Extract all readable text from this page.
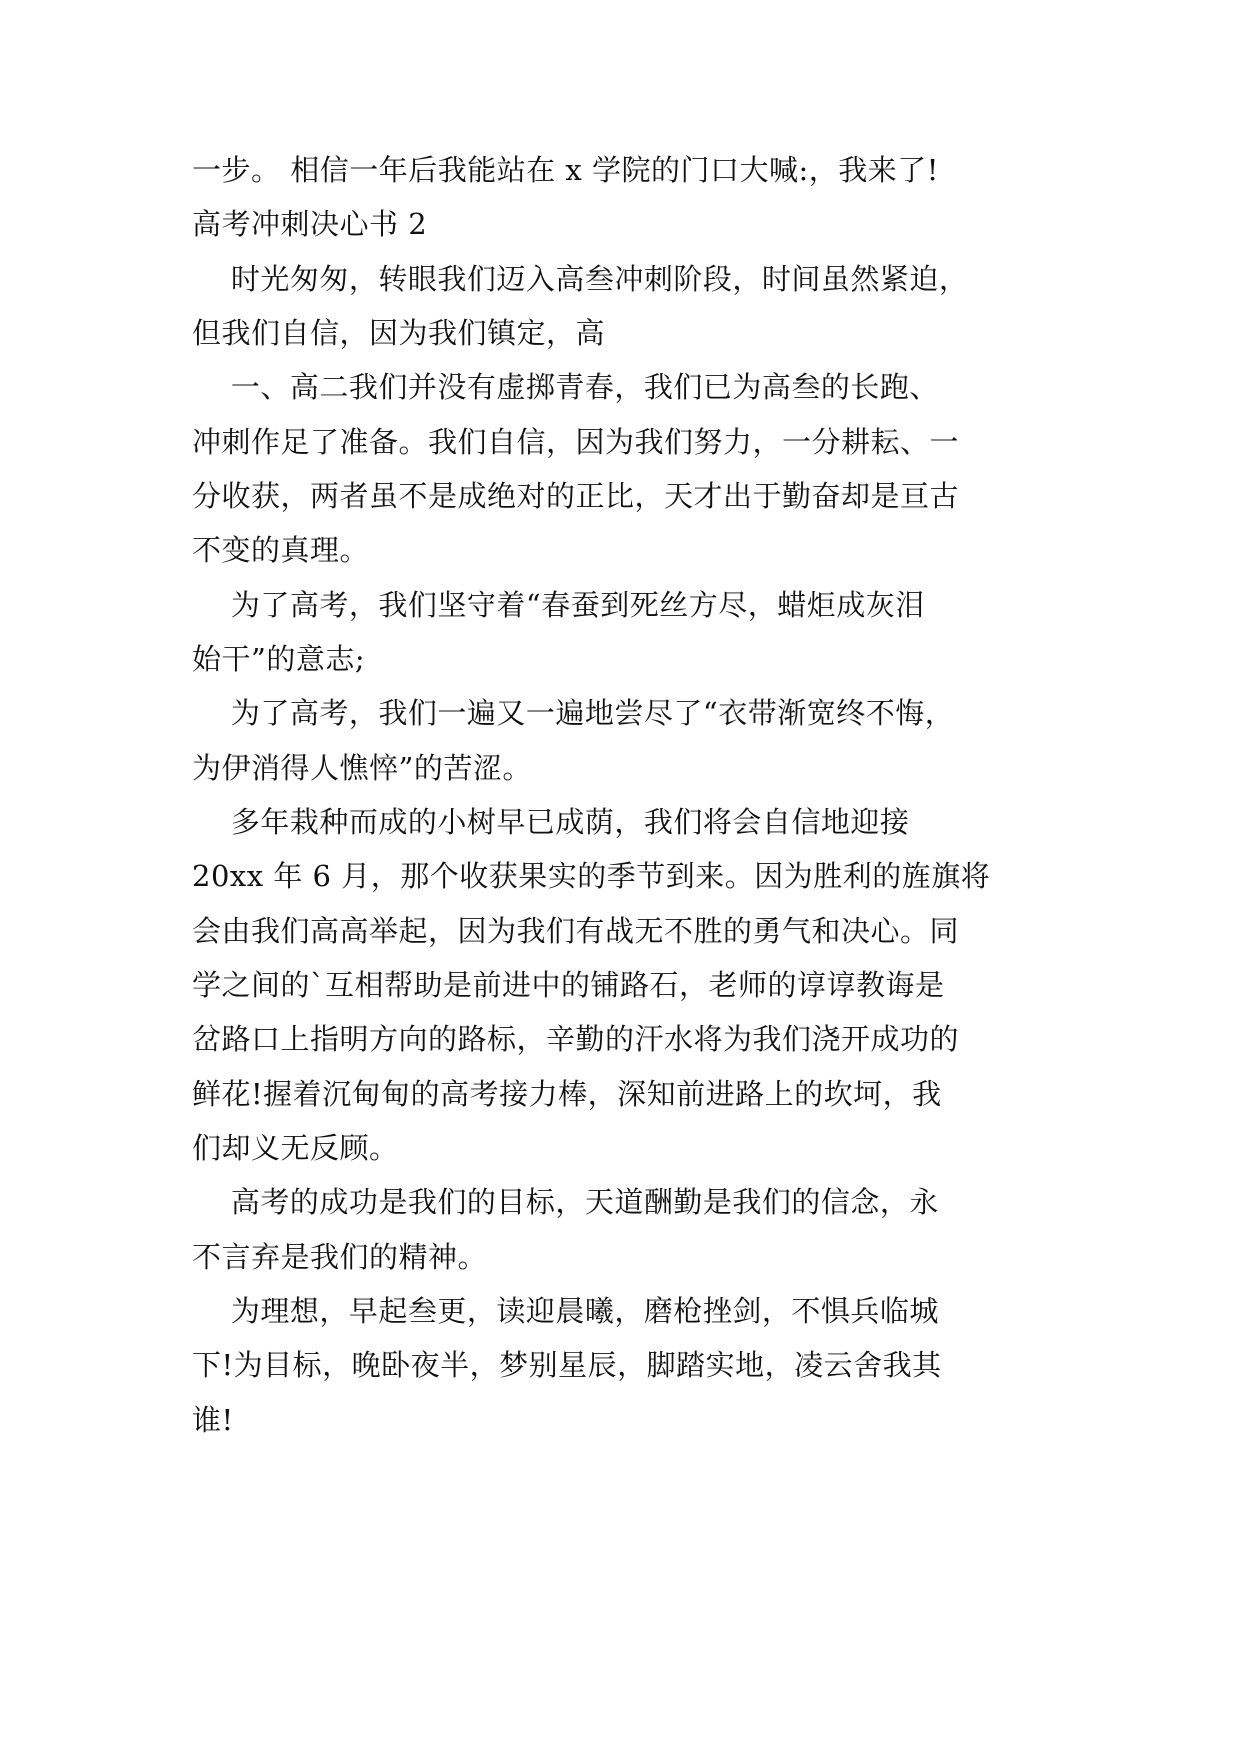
一步。 相信一年后我能站在 x 学院的门口大喊:，我来了!
高考冲刺决心书 2
时光匆匆，转眼我们迈入高叁冲刺阶段，时间虽然紧迫，
但我们自信，因为我们镇定，高
一、高二我们并没有虚掷青春，我们已为高叁的长跑、
冲刺作足了准备。我们自信，因为我们努力，一分耕耘、一
分收获，两者虽不是成绝对的正比，天才出于勤奋却是亘古
不变的真理。
为了高考，我们坚守着“春蚕到死丝方尽，蜡炬成灰泪
始干”的意志;
为了高考，我们一遍又一遍地尝尽了“衣带渐宽终不悔，
为伊消得人憔悴”的苦涩。
多年栽种而成的小树早已成荫，我们将会自信地迎接
20xx 年 6 月，那个收获果实的季节到来。因为胜利的旌旗将
会由我们高高举起，因为我们有战无不胜的勇气和决心。同
学之间的`互相帮助是前进中的铺路石，老师的谆谆教诲是
岔路口上指明方向的路标，辛勤的汗水将为我们浇开成功的
鲜花!握着沉甸甸的高考接力棒，深知前进路上的坎坷，我
们却义无反顾。
高考的成功是我们的目标，天道酬勤是我们的信念，永
不言弃是我们的精神。
为理想，早起叁更，读迎晨曦，磨枪挫剑，不惧兵临城
下!为目标，晚卧夜半，梦别星辰，脚踏实地，凌云舍我其
谁!
